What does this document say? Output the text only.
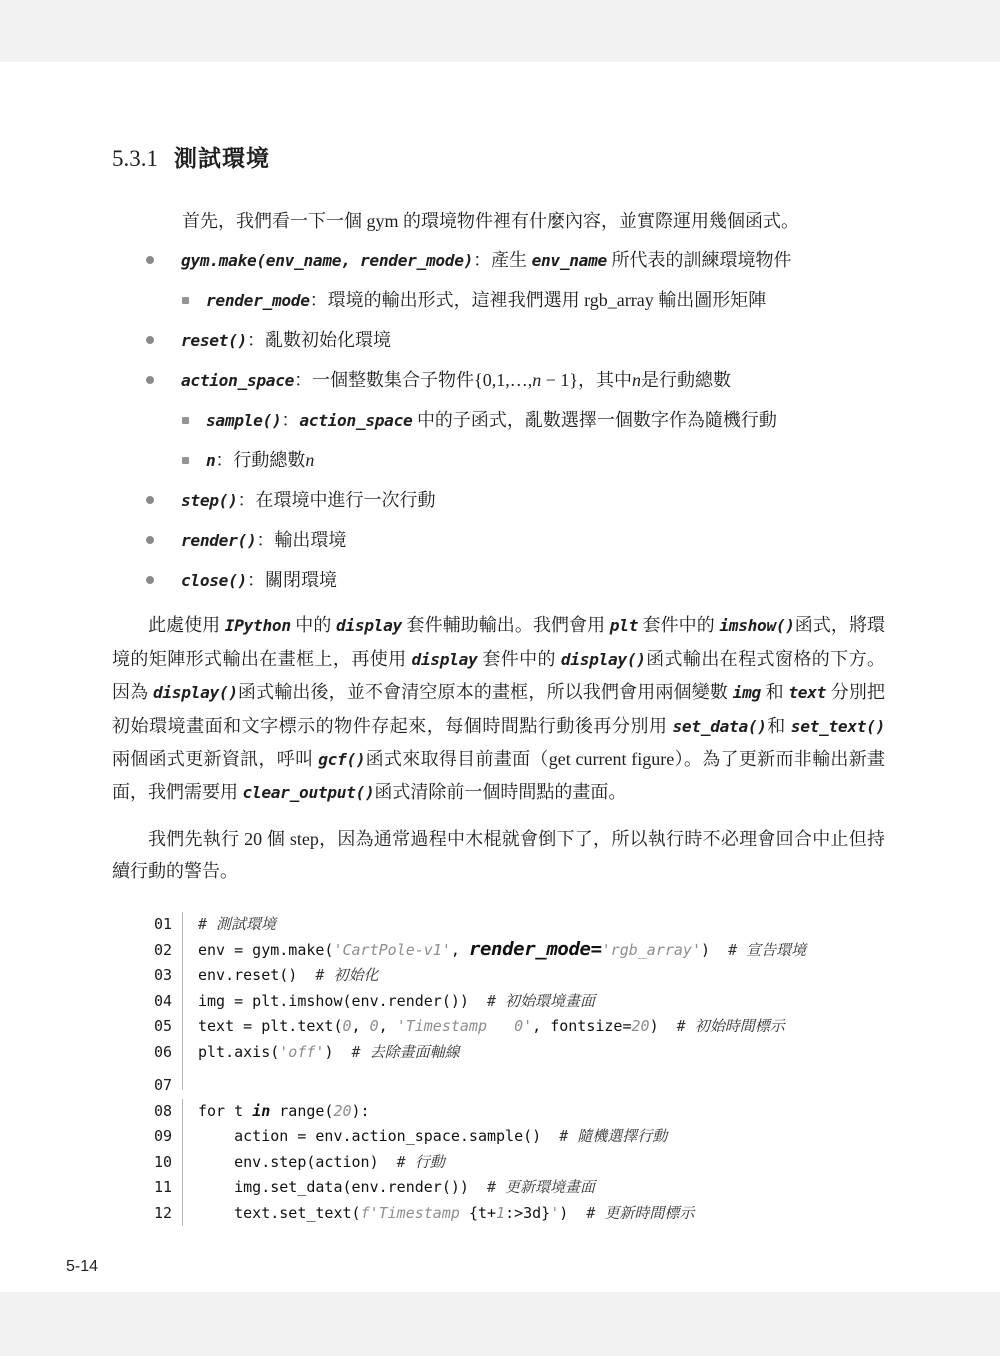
5.3.1 測試環境

首先，我們看一下一個 gym 的環境物件裡有什麼內容，並實際運用幾個函式。

gym.make(env_name, render_mode)：產生 env_name 所代表的訓練環境物件
render_mode：環境的輸出形式，這裡我們選用 rgb_array 輸出圖形矩陣
reset()：亂數初始化環境
action_space：一個整數集合子物件{0,1,…,n − 1}，其中n是行動總數
sample()：action_space 中的子函式，亂數選擇一個數字作為隨機行動
n：行動總數n
step()：在環境中進行一次行動
render()：輸出環境
close()：關閉環境

此處使用 IPython 中的 display 套件輔助輸出。我們會用 plt 套件中的 imshow()函式，將環境的矩陣形式輸出在畫框上，再使用 display 套件中的 display()函式輸出在程式窗格的下方。因為 display()函式輸出後，並不會清空原本的畫框，所以我們會用兩個變數 img 和 text 分別把初始環境畫面和文字標示的物件存起來，每個時間點行動後再分別用 set_data()和 set_text()兩個函式更新資訊，呼叫 gcf()函式來取得目前畫面（get current figure）。為了更新而非輸出新畫面，我們需要用 clear_output()函式清除前一個時間點的畫面。

我們先執行 20 個 step，因為通常過程中木棍就會倒下了，所以執行時不必理會回合中止但持續行動的警告。

01	# 測試環境
02	env = gym.make('CartPole-v1', render_mode='rgb_array')  # 宣告環境
03	env.reset()  # 初始化
04	img = plt.imshow(env.render())  # 初始環境畫面
05	text = plt.text(0, 0, 'Timestamp   0', fontsize=20)  # 初始時間標示
06	plt.axis('off')  # 去除畫面軸線
07
08	for t in range(20):
09	action = env.action_space.sample()  # 隨機選擇行動
10	env.step(action)  # 行動
11	img.set_data(env.render())  # 更新環境畫面
12	text.set_text(f'Timestamp {t+1:>3d}')  # 更新時間標示
5-14
